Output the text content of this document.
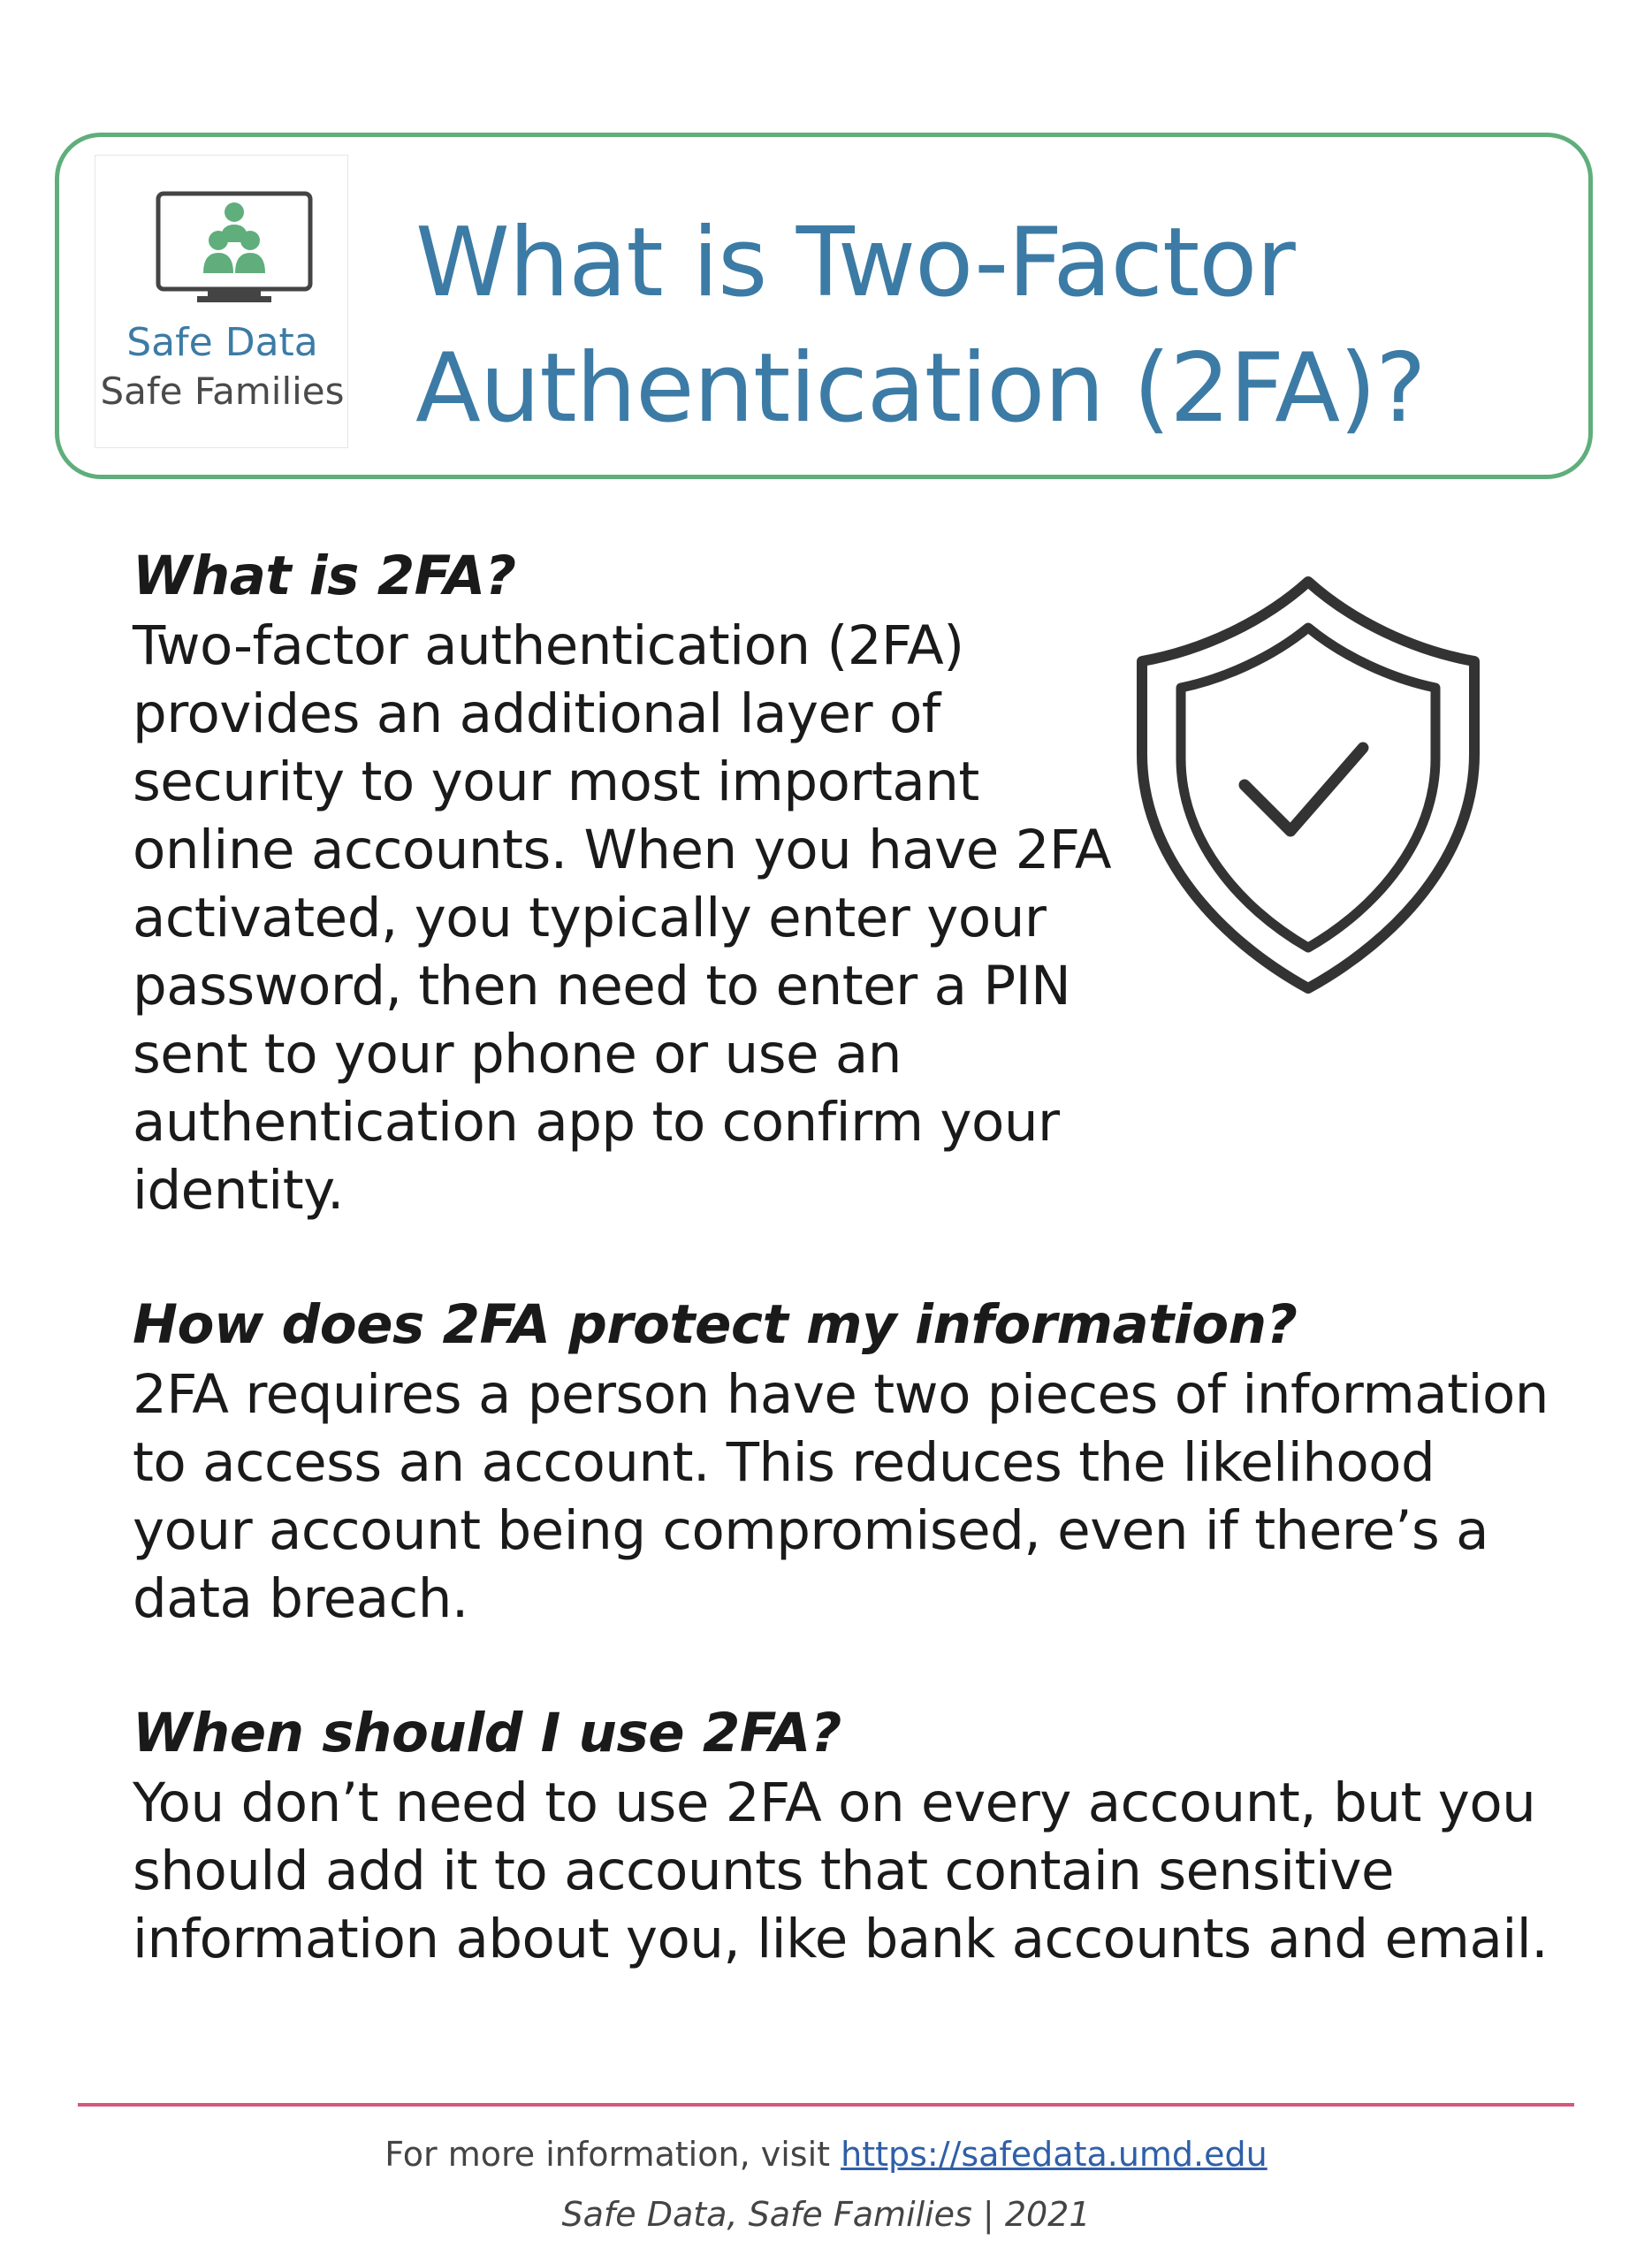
Safe Data
Safe Families
What is Two-Factor Authentication (2FA)?
What is 2FA?

Two-factor authentication (2FA) provides an additional layer of security to your most important online accounts. When you have 2FA activated, you typically enter your password, then need to enter a PIN sent to your phone or use an authentication app to confirm your identity.

How does 2FA protect my information?

2FA requires a person have two pieces of information to access an account. This reduces the likelihood your account being compromised, even if there’s a data breach.

When should I use 2FA?

You don’t need to use 2FA on every account, but you should add it to accounts that contain sensitive information about you, like bank accounts and email.

For more information, visit https://safedata.umd.edu
Safe Data, Safe Families | 2021
